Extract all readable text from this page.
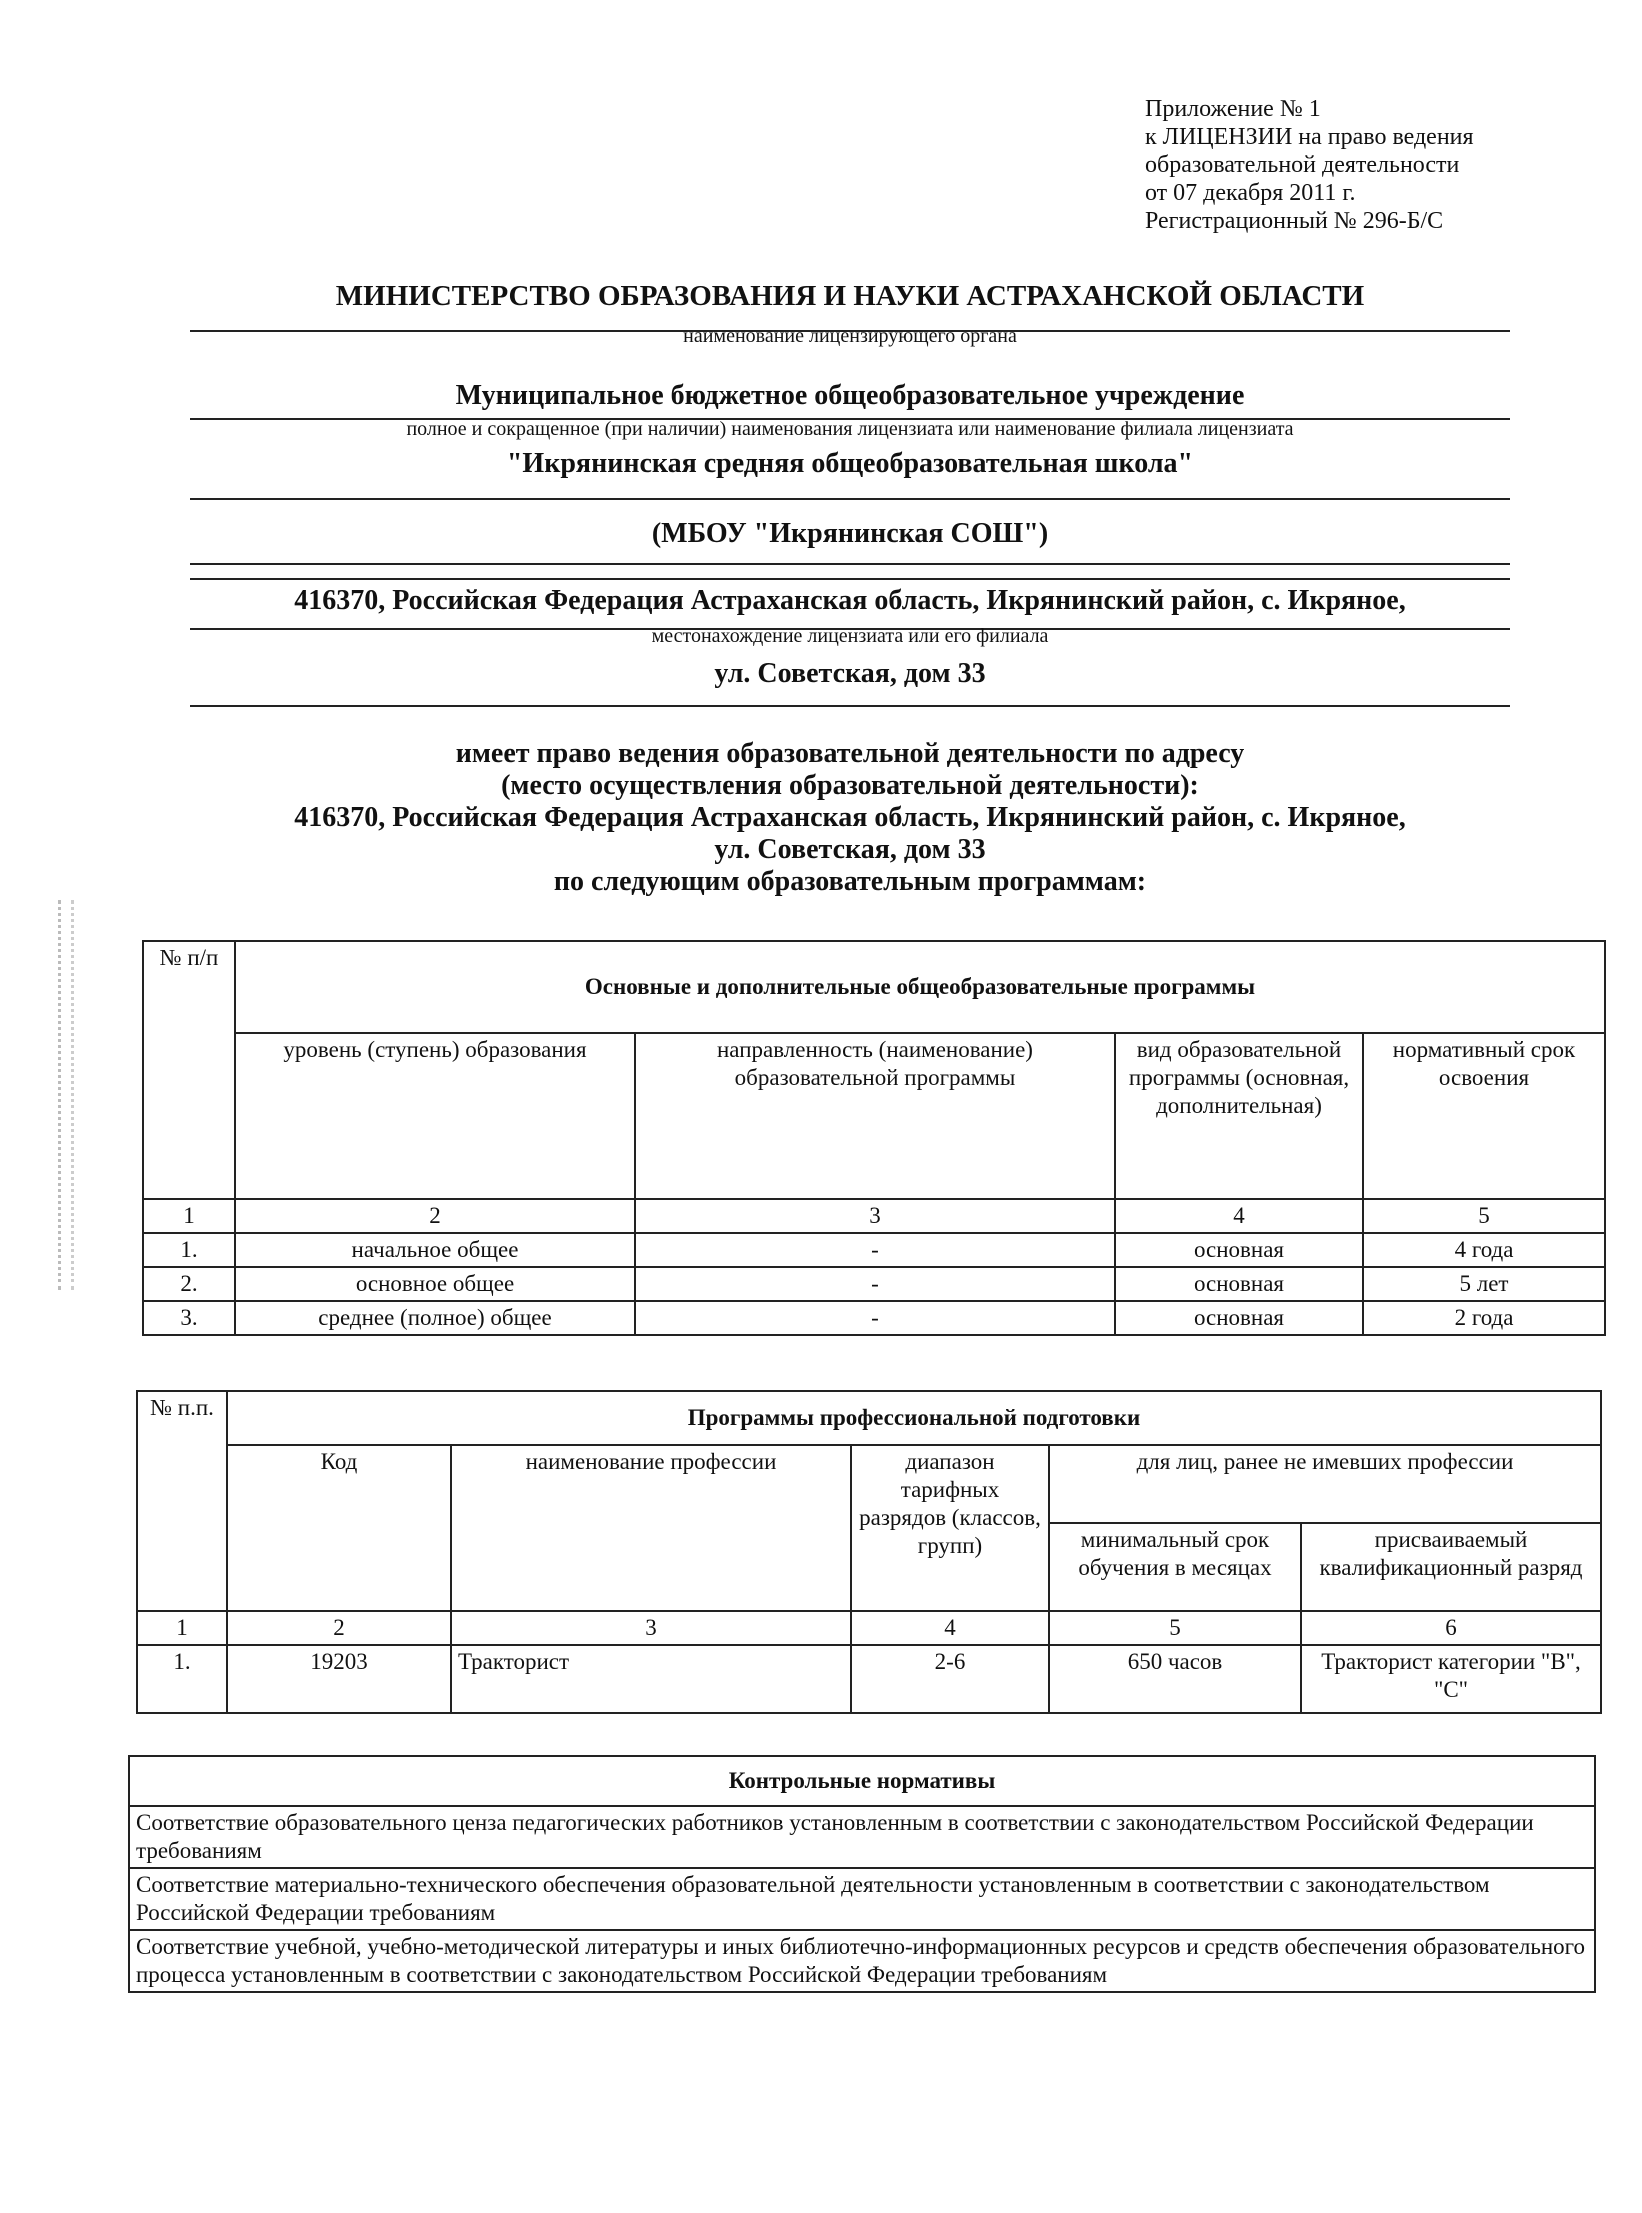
Приложение № 1
к ЛИЦЕНЗИИ на право ведения
образовательной деятельности
от 07 декабря 2011 г.
Регистрационный № 296-Б/С
МИНИСТЕРСТВО ОБРАЗОВАНИЯ И НАУКИ АСТРАХАНСКОЙ ОБЛАСТИ
наименование лицензирующего органа
Муниципальное бюджетное общеобразовательное учреждение
полное и сокращенное (при наличии) наименования лицензиата или наименование филиала лицензиата
"Икрянинская средняя общеобразовательная школа"
(МБОУ "Икрянинская СОШ")
416370, Российская Федерация Астраханская область, Икрянинский район, с. Икряное,
местонахождение лицензиата или его филиала
ул. Советская, дом 33
имеет право ведения образовательной деятельности по адресу
(место осуществления образовательной деятельности):
416370, Российская Федерация Астраханская область, Икрянинский район, с. Икряное,
ул. Советская, дом 33
по следующим образовательным программам:
№ п/п	Основные и дополнительные общеобразовательные программы			
	уровень (ступень) образования	направленность (наименование) образовательной программы	вид образовательной программы (основная, дополнительная)	нормативный срок освоения
1	2	3	4	5
1.	начальное общее	-	основная	4 года
2.	основное общее	-	основная	5 лет
3.	среднее (полное) общее	-	основная	2 года
№ п.п.	Программы профессиональной подготовки				
	Код	наименование профессии	диапазон тарифных разрядов (классов, групп)	для лиц, ранее не имевших профессии	
				минимальный срок обучения в месяцах	присваиваемый квалификационный разряд
1	2	3	4	5	6
1.	19203	Тракторист	2-6	650 часов	Тракторист категории "В", "С"
Контрольные нормативы
Соответствие образовательного ценза педагогических работников установленным в соответствии с законодательством Российской Федерации требованиям
Соответствие материально-технического обеспечения образовательной деятельности установленным в соответствии с законодательством Российской Федерации требованиям
Соответствие учебной, учебно-методической литературы и иных библиотечно-информационных ресурсов и средств обеспечения образовательного процесса установленным в соответствии с законодательством Российской Федерации требованиям
